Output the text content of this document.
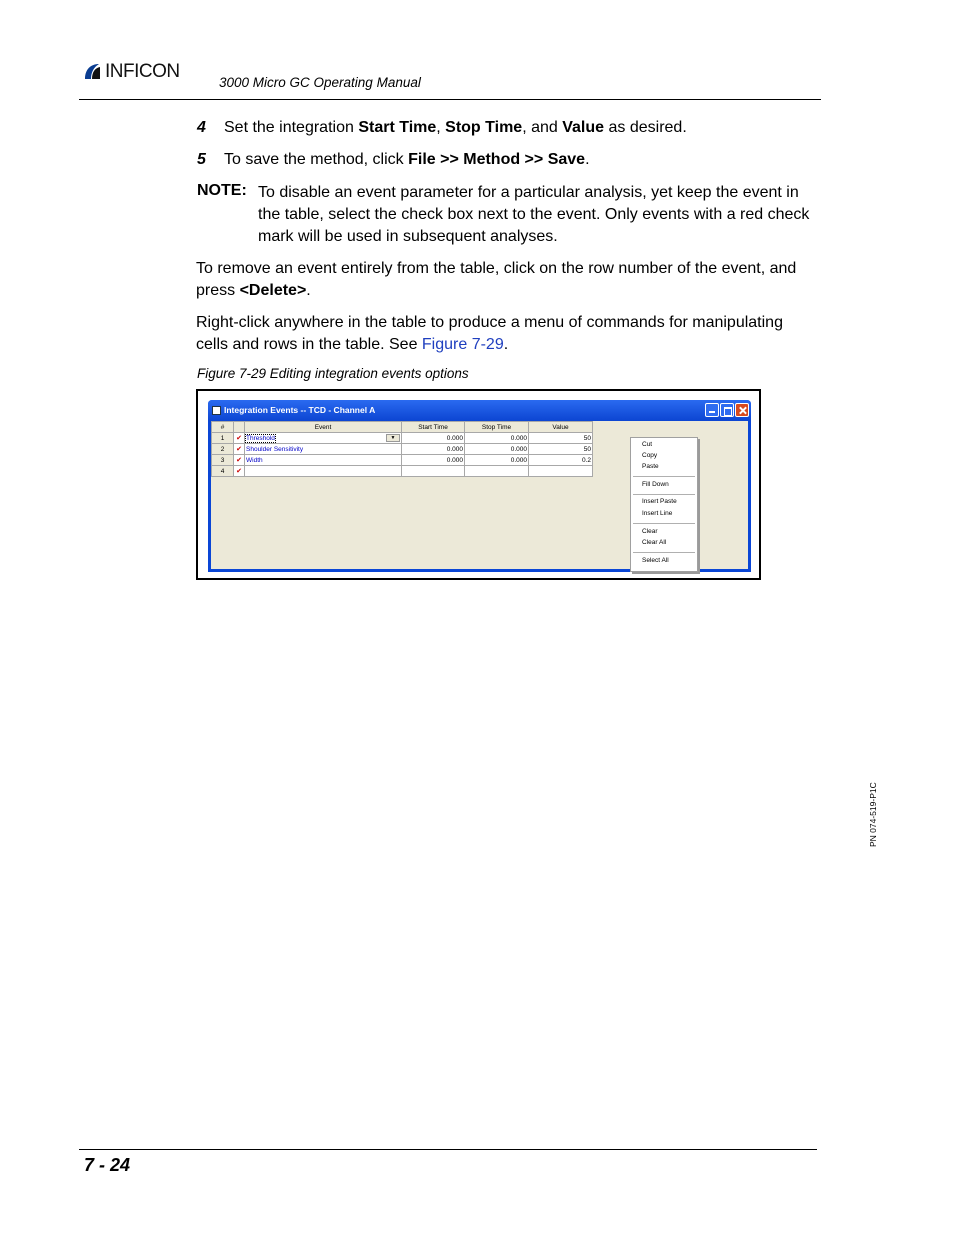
INFICON
3000 Micro GC Operating Manual
4 Set the integration Start Time, Stop Time, and Value as desired.
5 To save the method, click File >> Method >> Save.
NOTE: To disable an event parameter for a particular analysis, yet keep the event in the table, select the check box next to the event. Only events with a red check mark will be used in subsequent analyses.
To remove an event entirely from the table, click on the row number of the event, and press <Delete>.
Right-click anywhere in the table to produce a menu of commands for manipulating cells and rows in the table. See Figure 7-29.
Figure 7-29 Editing integration events options
Integration Events -- TCD - Channel A
#		Event	Start Time	Stop Time	Value
1	✔	Threshold ▼	0.000	0.000	50
2	✔	Shoulder Sensitivity	0.000	0.000	50
3	✔	Width	0.000	0.000	0.2
4	✔				
Cut
Copy
Paste
Fill Down
Insert Paste
Insert Line
Clear
Clear All
Select All
PN 074-519-P1C
7 - 24
